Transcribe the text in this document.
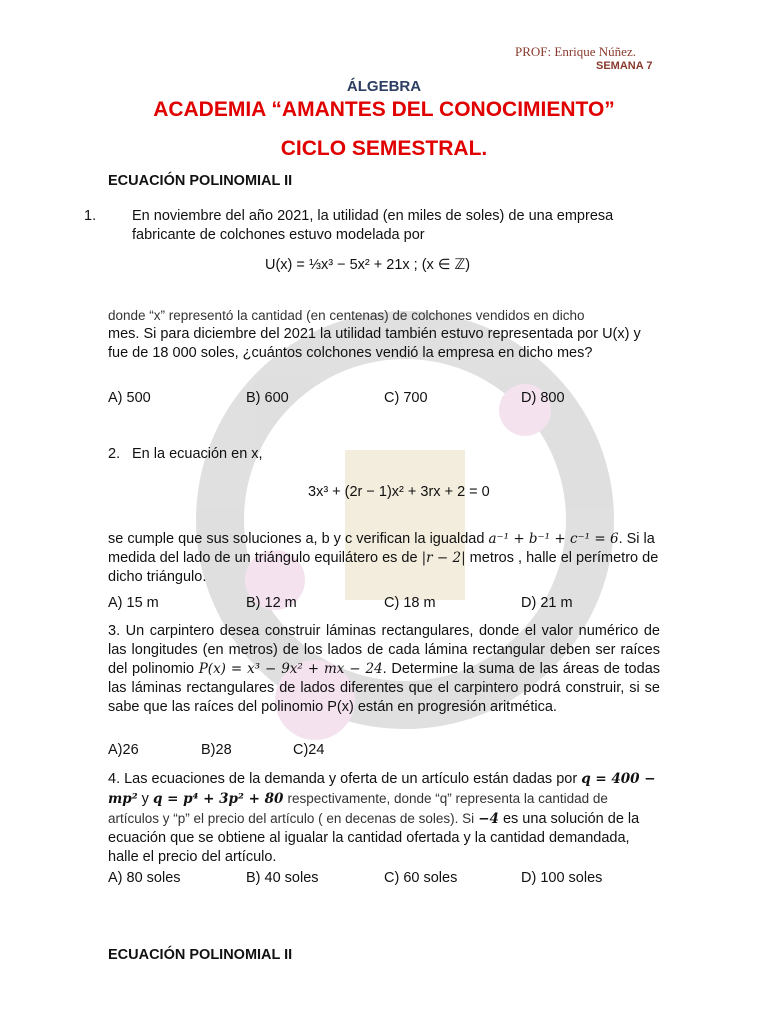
PROF: Enrique Núñez.
SEMANA 7
ÁLGEBRA
ACADEMIA “AMANTES DEL CONOCIMIENTO”
CICLO SEMESTRAL.
ECUACIÓN POLINOMIAL II
1. En noviembre del año 2021, la utilidad (en miles de soles) de una empresa fabricante de colchones estuvo modelada por
U(x) = ⅓x³ − 5x² + 21x ; (x ∈ ℤ)
donde “x” representó la cantidad (en centenas) de colchones vendidos en dicho
mes. Si para diciembre del 2021 la utilidad también estuvo representada por U(x) y fue de 18 000 soles, ¿cuántos colchones vendió la empresa en dicho mes?
A) 500	B) 600	C) 700	D) 800
2. En la ecuación en x,
3x³ + (2r − 1)x² + 3rx + 2 = 0
se cumple que sus soluciones a, b y c verifican la igualdad a⁻¹ + b⁻¹ + c⁻¹ = 6. Si la medida del lado de un triángulo equilátero es de |r − 2| metros , halle el perímetro de dicho triángulo.
A) 15 m	B) 12 m	C) 18 m	D) 21 m
3. Un carpintero desea construir láminas rectangulares, donde el valor numérico de las longitudes (en metros) de los lados de cada lámina rectangular deben ser raíces del polinomio P(x) = x³ − 9x² + mx − 24. Determine la suma de las áreas de todas las láminas rectangulares de lados diferentes que el carpintero podrá construir, si se sabe que las raíces del polinomio P(x) están en progresión aritmética.
A)26	B)28	C)24
4. Las ecuaciones de la demanda y oferta de un artículo están dadas por q = 400 − mp² y q = p⁴ + 3p² + 80 respectivamente, donde “q” representa la cantidad de artículos y “p” el precio del artículo ( en decenas de soles). Si −4 es una solución de la ecuación que se obtiene al igualar la cantidad ofertada y la cantidad demandada, halle el precio del artículo.
A) 80 soles	B) 40 soles	C) 60 soles	D) 100 soles
ECUACIÓN POLINOMIAL II
